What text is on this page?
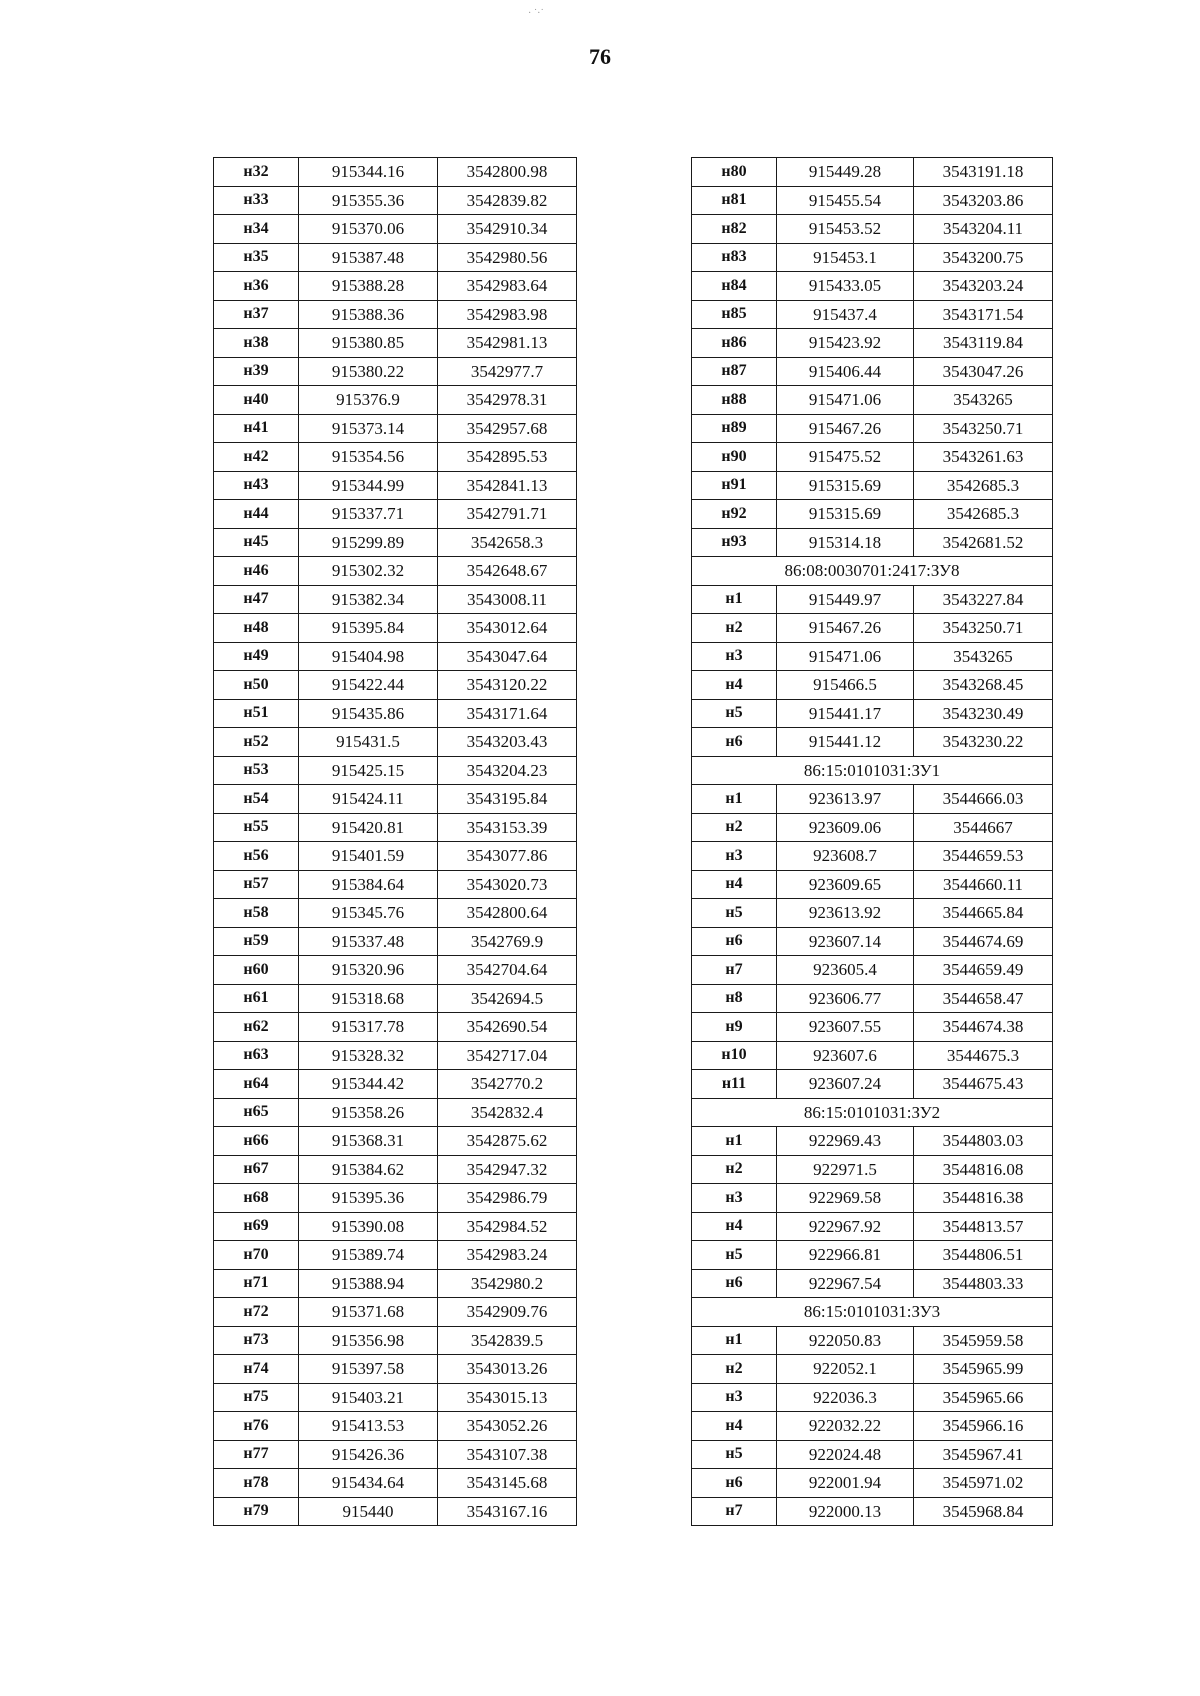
76
· ˙·˙
н32	915344.16	3542800.98
н33	915355.36	3542839.82
н34	915370.06	3542910.34
н35	915387.48	3542980.56
н36	915388.28	3542983.64
н37	915388.36	3542983.98
н38	915380.85	3542981.13
н39	915380.22	3542977.7
н40	915376.9	3542978.31
н41	915373.14	3542957.68
н42	915354.56	3542895.53
н43	915344.99	3542841.13
н44	915337.71	3542791.71
н45	915299.89	3542658.3
н46	915302.32	3542648.67
н47	915382.34	3543008.11
н48	915395.84	3543012.64
н49	915404.98	3543047.64
н50	915422.44	3543120.22
н51	915435.86	3543171.64
н52	915431.5	3543203.43
н53	915425.15	3543204.23
н54	915424.11	3543195.84
н55	915420.81	3543153.39
н56	915401.59	3543077.86
н57	915384.64	3543020.73
н58	915345.76	3542800.64
н59	915337.48	3542769.9
н60	915320.96	3542704.64
н61	915318.68	3542694.5
н62	915317.78	3542690.54
н63	915328.32	3542717.04
н64	915344.42	3542770.2
н65	915358.26	3542832.4
н66	915368.31	3542875.62
н67	915384.62	3542947.32
н68	915395.36	3542986.79
н69	915390.08	3542984.52
н70	915389.74	3542983.24
н71	915388.94	3542980.2
н72	915371.68	3542909.76
н73	915356.98	3542839.5
н74	915397.58	3543013.26
н75	915403.21	3543015.13
н76	915413.53	3543052.26
н77	915426.36	3543107.38
н78	915434.64	3543145.68
н79	915440	3543167.16
н80	915449.28	3543191.18
н81	915455.54	3543203.86
н82	915453.52	3543204.11
н83	915453.1	3543200.75
н84	915433.05	3543203.24
н85	915437.4	3543171.54
н86	915423.92	3543119.84
н87	915406.44	3543047.26
н88	915471.06	3543265
н89	915467.26	3543250.71
н90	915475.52	3543261.63
н91	915315.69	3542685.3
н92	915315.69	3542685.3
н93	915314.18	3542681.52
86:08:0030701:2417:ЗУ8		
н1	915449.97	3543227.84
н2	915467.26	3543250.71
н3	915471.06	3543265
н4	915466.5	3543268.45
н5	915441.17	3543230.49
н6	915441.12	3543230.22
86:15:0101031:ЗУ1		
н1	923613.97	3544666.03
н2	923609.06	3544667
н3	923608.7	3544659.53
н4	923609.65	3544660.11
н5	923613.92	3544665.84
н6	923607.14	3544674.69
н7	923605.4	3544659.49
н8	923606.77	3544658.47
н9	923607.55	3544674.38
н10	923607.6	3544675.3
н11	923607.24	3544675.43
86:15:0101031:ЗУ2		
н1	922969.43	3544803.03
н2	922971.5	3544816.08
н3	922969.58	3544816.38
н4	922967.92	3544813.57
н5	922966.81	3544806.51
н6	922967.54	3544803.33
86:15:0101031:ЗУ3		
н1	922050.83	3545959.58
н2	922052.1	3545965.99
н3	922036.3	3545965.66
н4	922032.22	3545966.16
н5	922024.48	3545967.41
н6	922001.94	3545971.02
н7	922000.13	3545968.84
